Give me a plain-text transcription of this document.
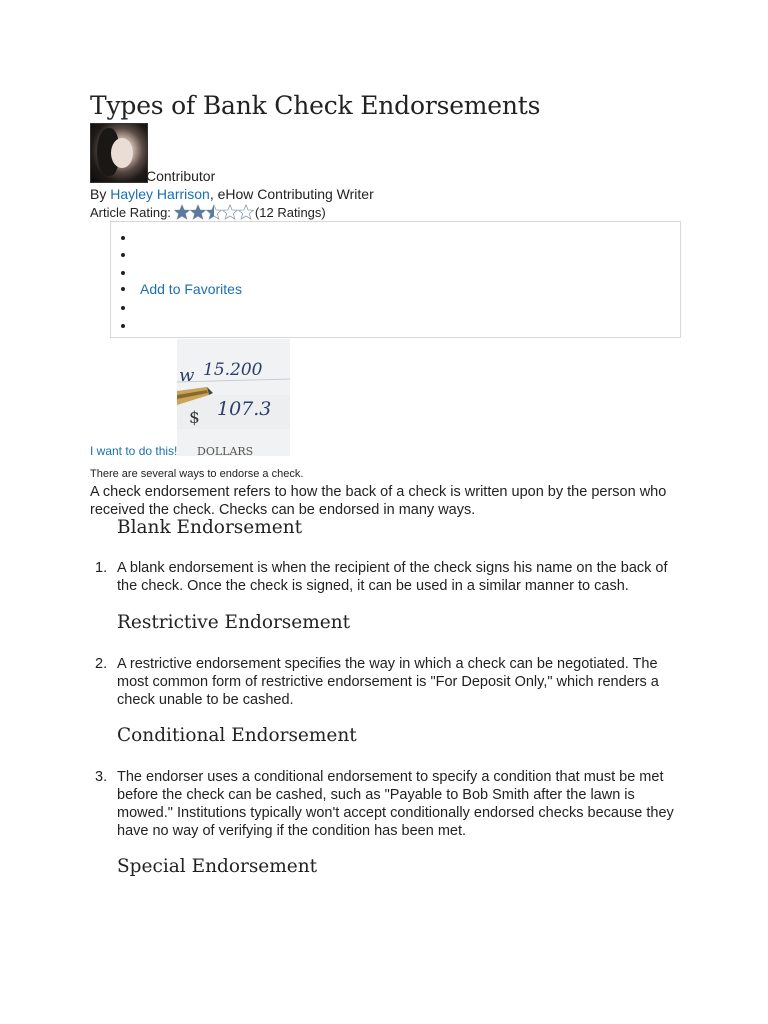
Types of Bank Check Endorsements
Contributor
By Hayley Harrison, eHow Contributing Writer
Article Rating:	(12 Ratings)
Add to Favorites
I want to do this!
w 15.200
$ 107.3
DOLLARS
There are several ways to endorse a check.

A check endorsement refers to how the back of a check is written upon by the person who received the check. Checks can be endorsed in many ways.

Blank Endorsement
1. A blank endorsement is when the recipient of the check signs his name on the back of the check. Once the check is signed, it can be used in a similar manner to cash.

Restrictive Endorsement
2. A restrictive endorsement specifies the way in which a check can be negotiated. The most common form of restrictive endorsement is "For Deposit Only," which renders a check unable to be cashed.

Conditional Endorsement
3. The endorser uses a conditional endorsement to specify a condition that must be met before the check can be cashed, such as "Payable to Bob Smith after the lawn is mowed." Institutions typically won't accept conditionally endorsed checks because they have no way of verifying if the condition has been met.

Special Endorsement
